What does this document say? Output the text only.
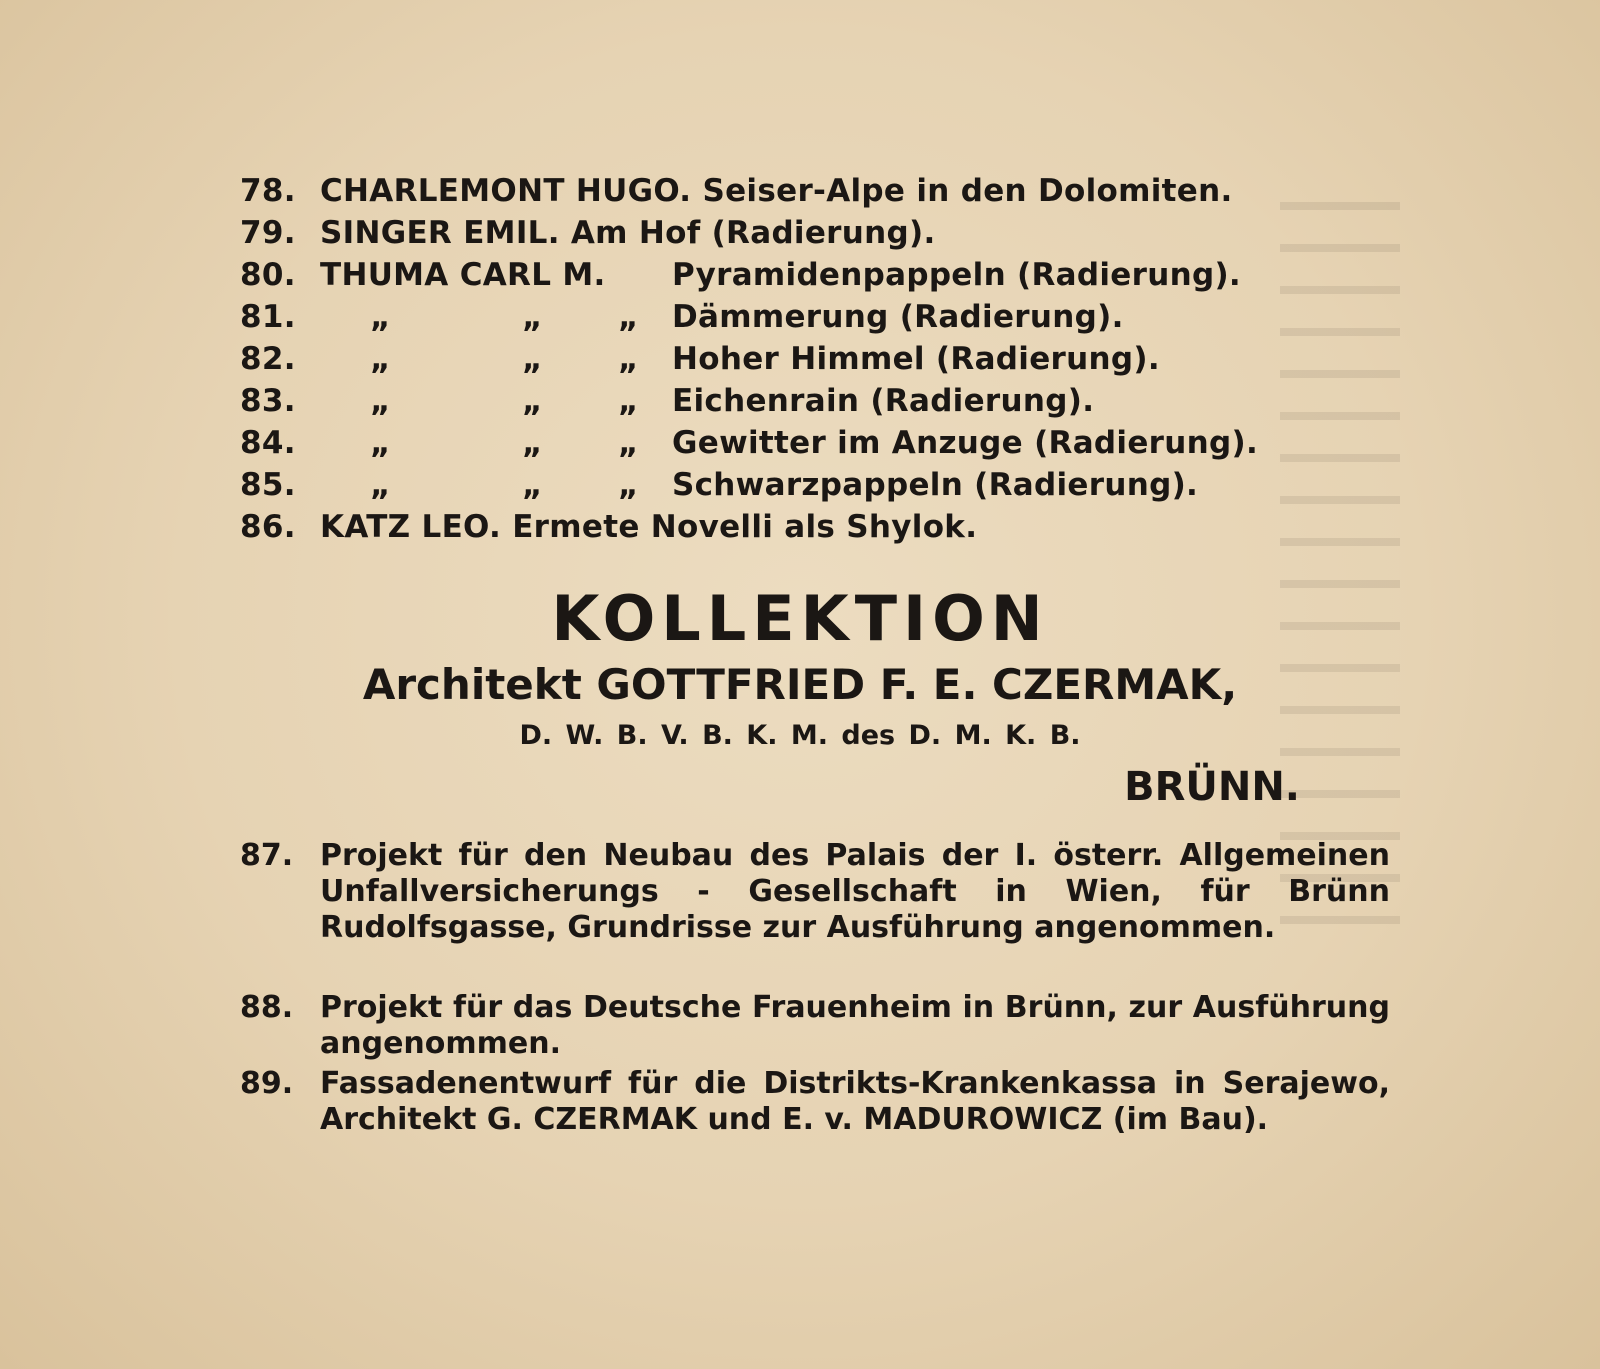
78. CHARLEMONT HUGO. Seiser-Alpe in den Dolomiten.
79. SINGER EMIL. Am Hof (Radierung).
80. THUMA CARL M. Pyramidenpappeln (Radierung).
81. „	„ „ Dämmerung (Radierung).
82. „	„ „ Hoher Himmel (Radierung).
83. „	„ „ Eichenrain (Radierung).
84. „	„ „ Gewitter im Anzuge (Radierung).
85. „	„ „ Schwarzpappeln (Radierung).
86. KATZ LEO. Ermete Novelli als Shylok.
KOLLEKTION
Architekt GOTTFRIED F. E. CZERMAK,
D. W. B. V. B. K. M. des D. M. K. B.
BRÜNN.
87. Projekt für den Neubau des Palais der I. österr. Allgemeinen Unfallversicherungs - Gesellschaft in Wien, für Brünn Rudolfsgasse, Grundrisse zur Ausführung angenommen.
88. Projekt für das Deutsche Frauenheim in Brünn, zur Ausführung angenommen.
89. Fassadenentwurf für die Distrikts-Krankenkassa in Serajewo, Architekt G. CZERMAK und E. v. MADUROWICZ (im Bau).
